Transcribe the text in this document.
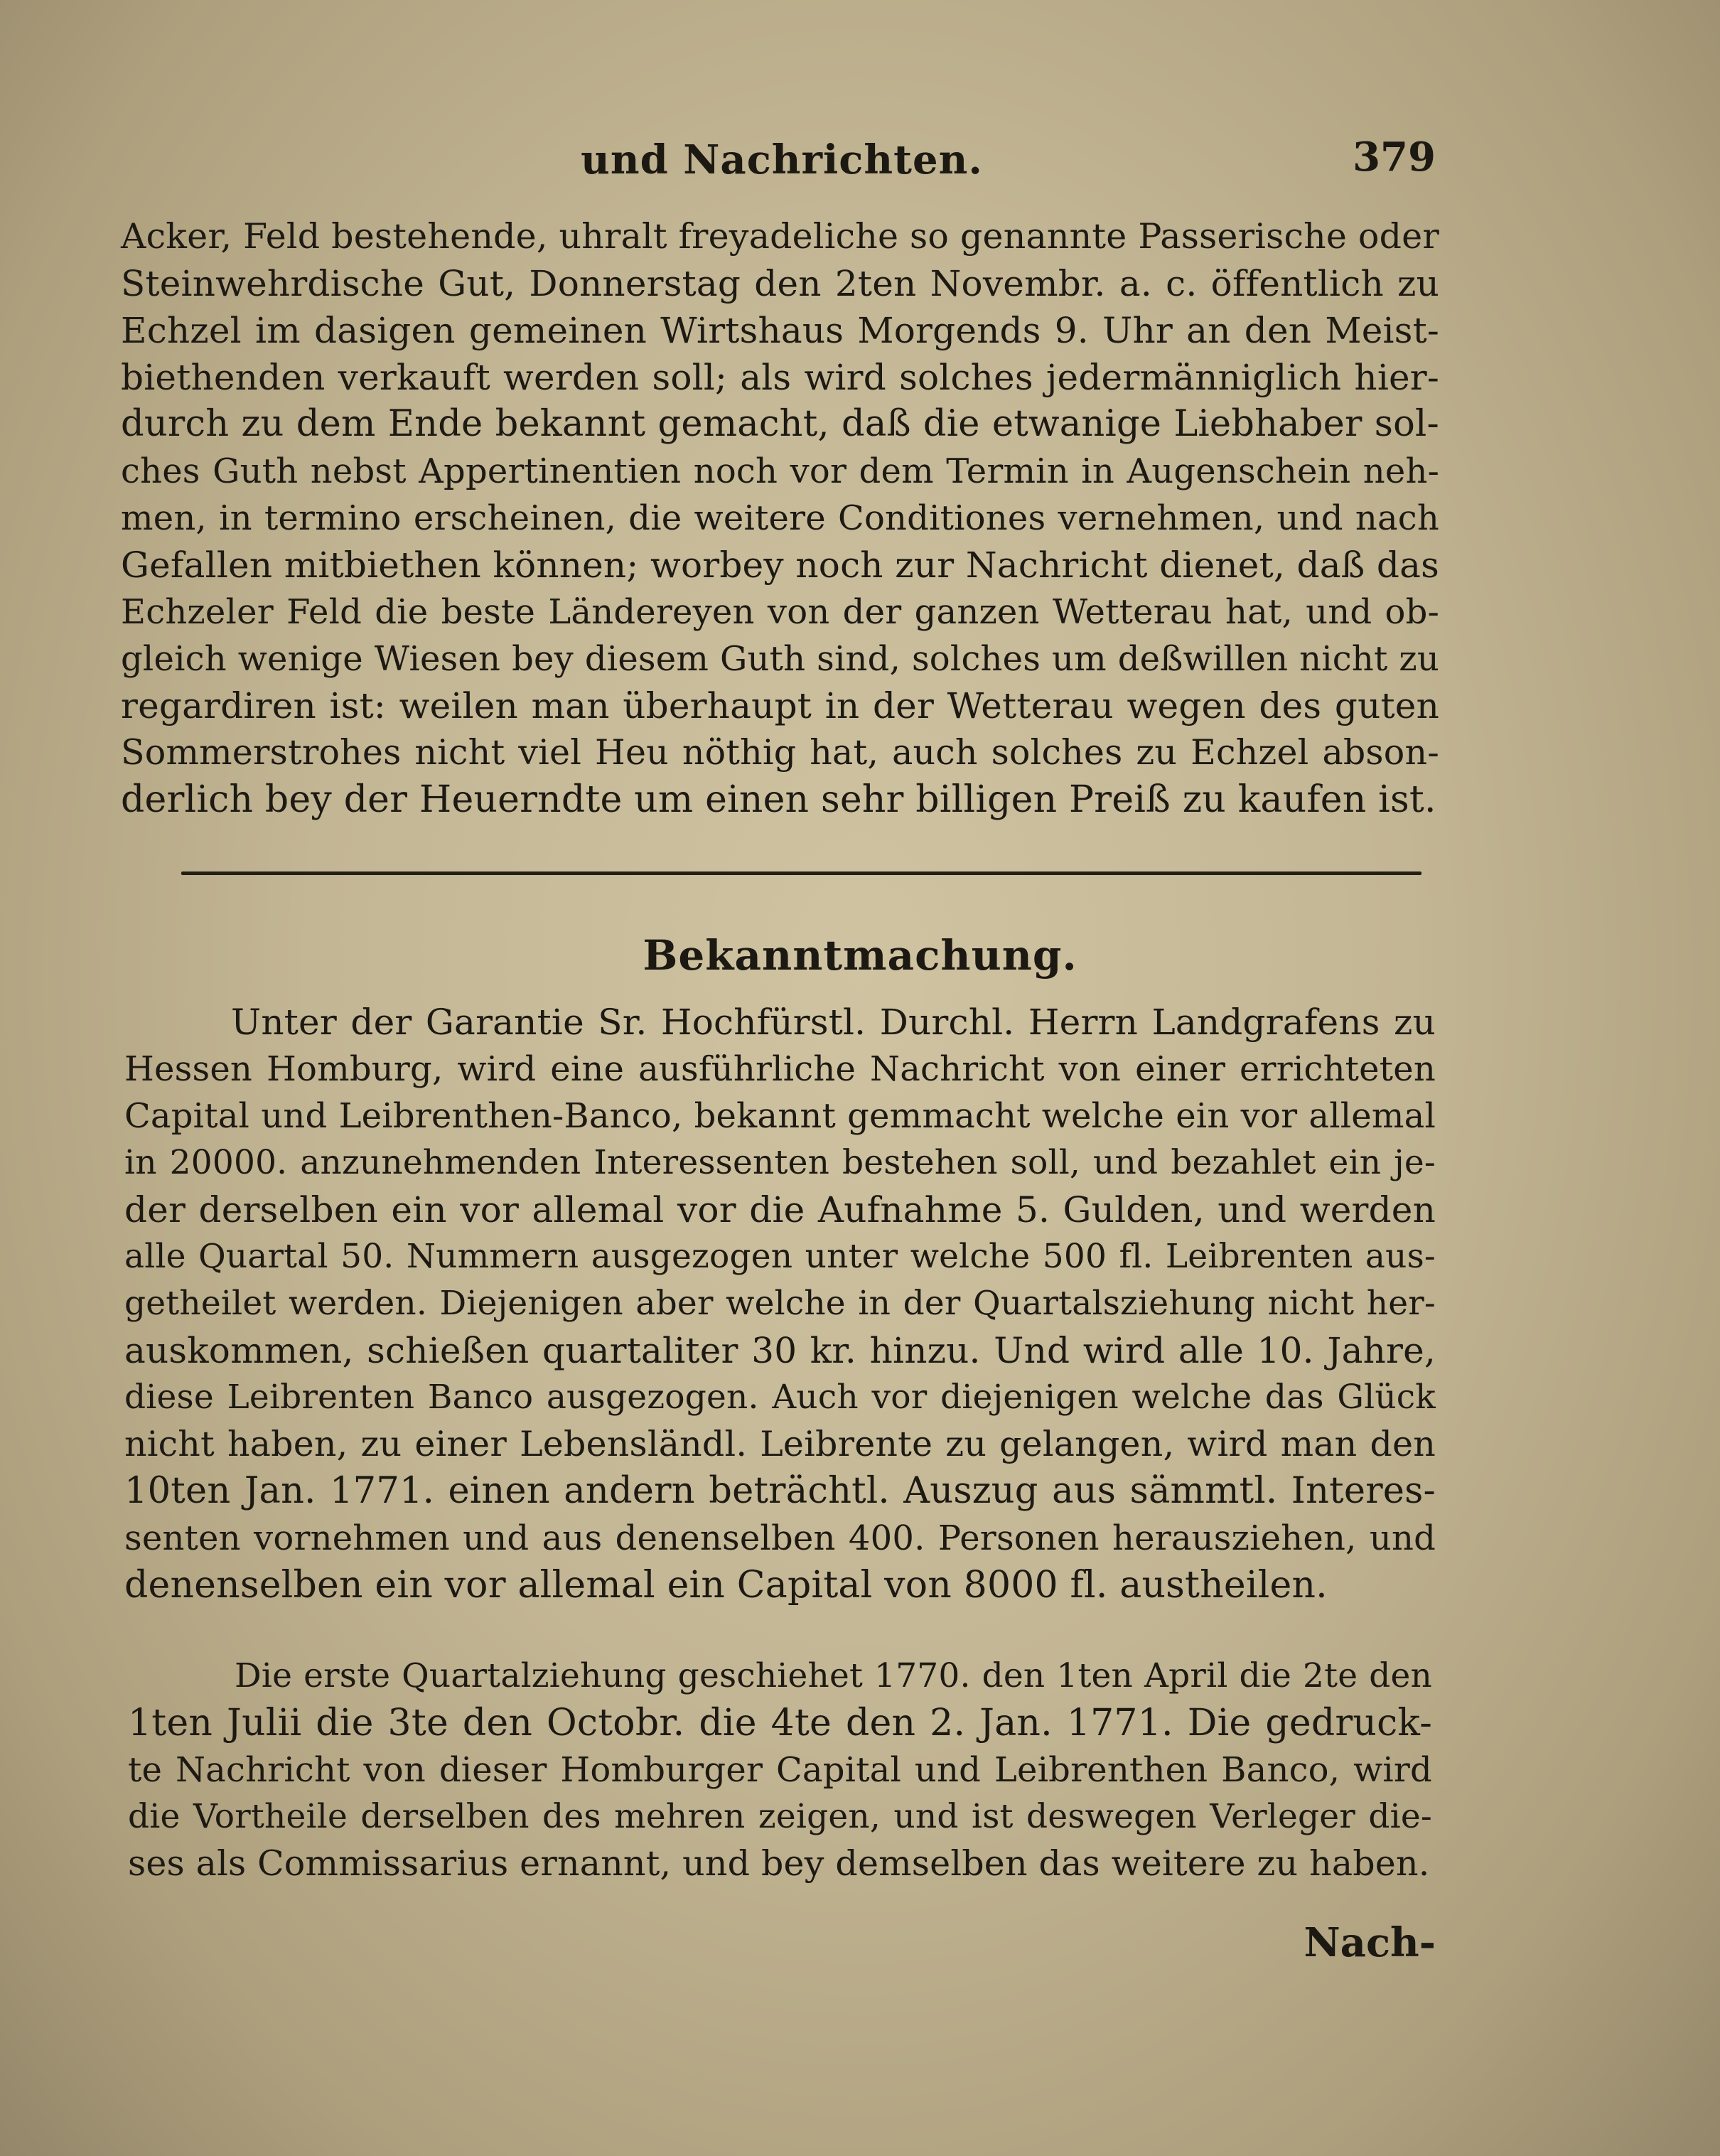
und Nachrichten.	379
Acker, Feld bestehende, uhralt freyadeliche so genannte Passerische oder
Steinwehrdische Gut, Donnerstag den 2ten Novembr. a. c. öffentlich zu
Echzel im dasigen gemeinen Wirtshaus Morgends 9. Uhr an den Meist-
biethenden verkauft werden soll; als wird solches jedermänniglich hier-
durch zu dem Ende bekannt gemacht, daß die etwanige Liebhaber sol-
ches Guth nebst Appertinentien noch vor dem Termin in Augenschein neh-
men, in termino erscheinen, die weitere Conditiones vernehmen, und nach
Gefallen mitbiethen können; worbey noch zur Nachricht dienet, daß das
Echzeler Feld die beste Ländereyen von der ganzen Wetterau hat, und ob-
gleich wenige Wiesen bey diesem Guth sind, solches um deßwillen nicht zu
regardiren ist: weilen man überhaupt in der Wetterau wegen des guten
Sommerstrohes nicht viel Heu nöthig hat, auch solches zu Echzel abson-
derlich bey der Heuerndte um einen sehr billigen Preiß zu kaufen ist.
Bekanntmachung.
Unter der Garantie Sr. Hochfürstl. Durchl. Herrn Landgrafens zu
Hessen Homburg, wird eine ausführliche Nachricht von einer errichteten
Capital und Leibrenthen-Banco, bekannt gemmacht welche ein vor allemal
in 20000. anzunehmenden Interessenten bestehen soll, und bezahlet ein je-
der derselben ein vor allemal vor die Aufnahme 5. Gulden, und werden
alle Quartal 50. Nummern ausgezogen unter welche 500 fl. Leibrenten aus-
getheilet werden. Diejenigen aber welche in der Quartalsziehung nicht her-
auskommen, schießen quartaliter 30 kr. hinzu. Und wird alle 10. Jahre,
diese Leibrenten Banco ausgezogen. Auch vor diejenigen welche das Glück
nicht haben, zu einer Lebensländl. Leibrente zu gelangen, wird man den
10ten Jan. 1771. einen andern beträchtl. Auszug aus sämmtl. Interes-
senten vornehmen und aus denenselben 400. Personen herausziehen, und
denenselben ein vor allemal ein Capital von 8000 fl. austheilen.
Die erste Quartalziehung geschiehet 1770. den 1ten April die 2te den
1ten Julii die 3te den Octobr. die 4te den 2. Jan. 1771. Die gedruck-
te Nachricht von dieser Homburger Capital und Leibrenthen Banco, wird
die Vortheile derselben des mehren zeigen, und ist deswegen Verleger die-
ses als Commissarius ernannt, und bey demselben das weitere zu haben.
Nach-
